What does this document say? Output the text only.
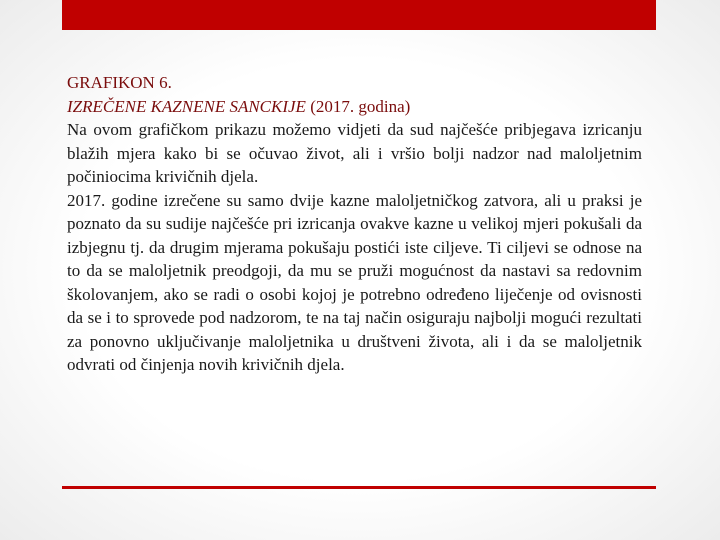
GRAFIKON 6.

IZREČENE KAZNENE SANCKIJE (2017. godina)

Na ovom grafičkom prikazu možemo vidjeti da sud najčešće pribjegava izricanju blažih mjera kako bi se očuvao život, ali i vršio bolji nadzor nad maloljetnim počiniocima krivičnih djela.

2017. godine izrečene su samo dvije kazne maloljetničkog zatvora, ali u praksi je poznato da su sudije najčešće pri izricanja ovakve kazne u velikoj mjeri pokušali da izbjegnu tj. da drugim mjerama pokušaju postići iste ciljeve. Ti ciljevi se odnose na to da se maloljetnik preodgoji, da mu se pruži mogućnost da nastavi sa redovnim školovanjem, ako se radi o osobi kojoj je potrebno određeno liječenje od ovisnosti da se i to sprovede pod nadzorom, te na taj način osiguraju najbolji mogući rezultati za ponovno uključivanje maloljetnika u društveni života, ali i da se maloljetnik odvrati od činjenja novih krivičnih djela.
